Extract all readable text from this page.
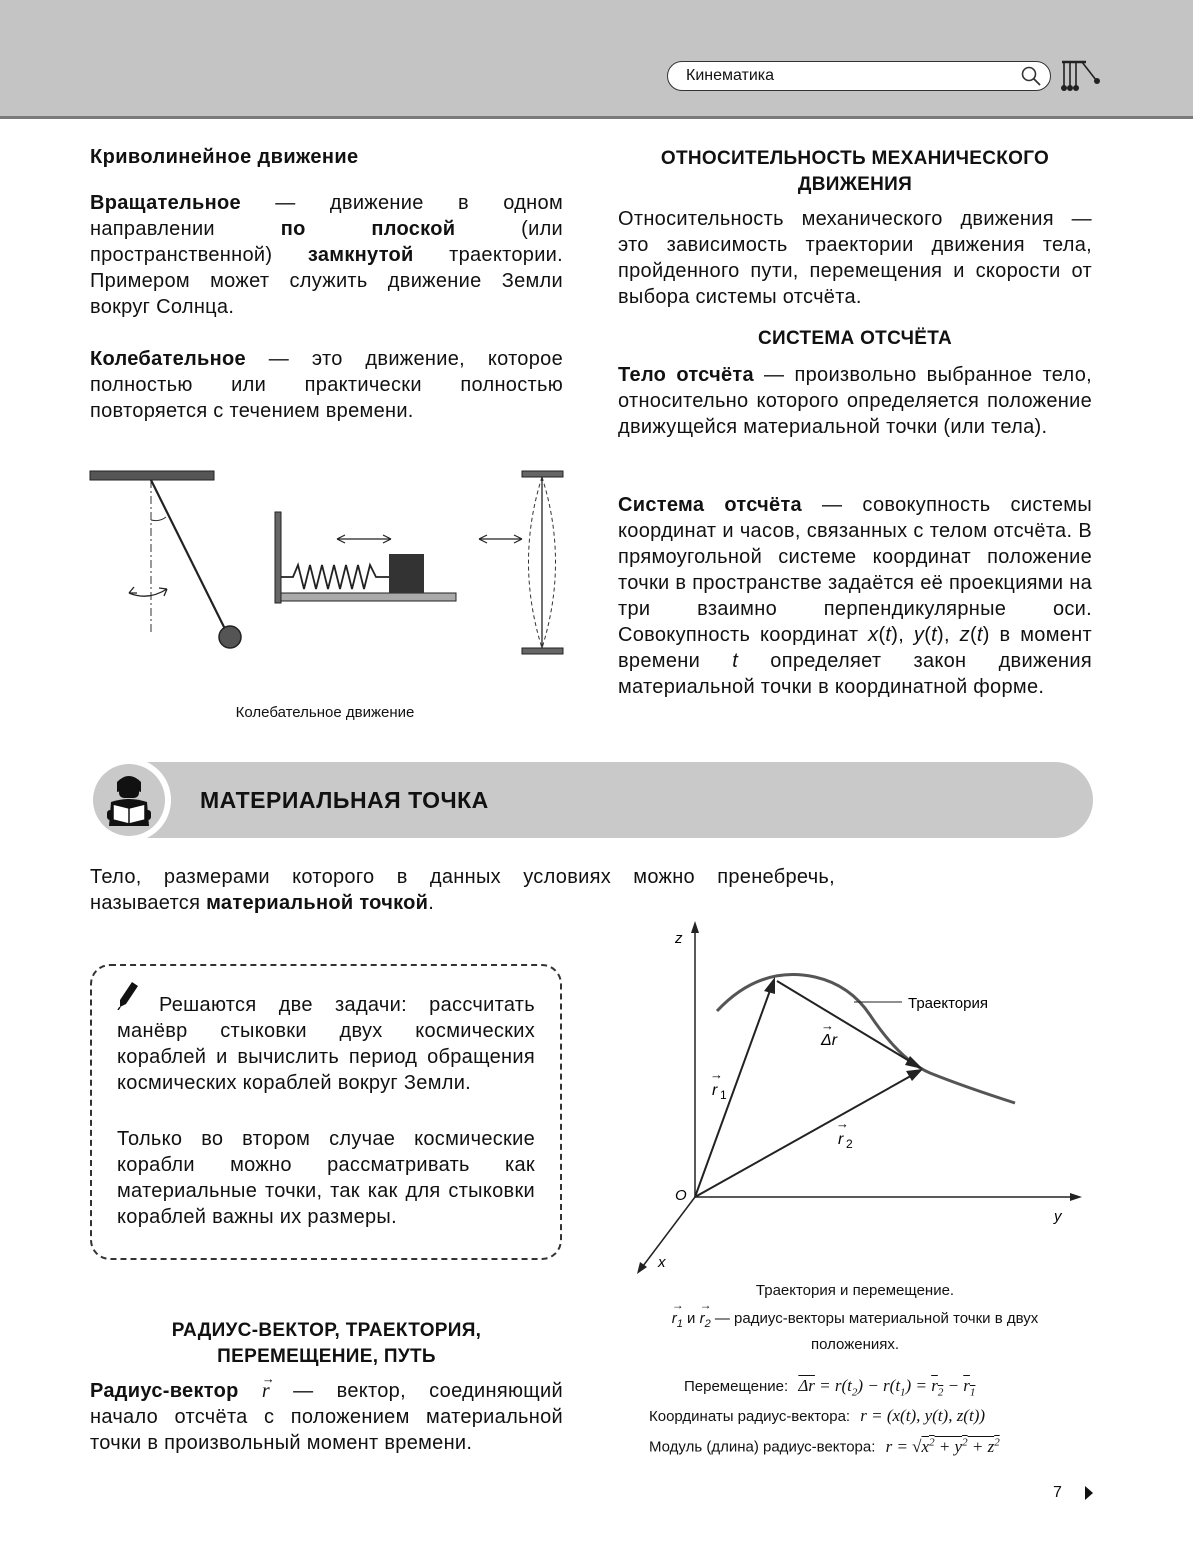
Кинематика
Криволинейное движение
Вращательное — движение в одном направлении по плоской (или пространственной) замкнутой траектории. Примером может служить движение Земли вокруг Солнца.
Колебательное — это движение, которое полностью или практически полностью повторяется с течением времени.
Колебательное движение
ОТНОСИТЕЛЬНОСТЬ МЕХАНИЧЕСКОГО
ДВИЖЕНИЯ
Относительность механического движения — это зависимость траектории движения тела, пройденного пути, перемещения и скорости от выбора системы отсчёта.
СИСТЕМА ОТСЧЁТА
Тело отсчёта — произвольно выбранное тело, относительно которого определяется положение движущейся материальной точки (или тела).
Система отсчёта — совокупность системы координат и часов, связанных с телом отсчёта. В прямоугольной системе координат положение точки в пространстве задаётся её проекциями на три взаимно перпендикулярные оси. Совокупность координат x(t), y(t), z(t) в момент времени t определяет закон движения материальной точки в координатной форме.
МАТЕРИАЛЬНАЯ ТОЧКА
Тело, размерами которого в данных условиях можно пренебречь, называется материальной точкой.
Решаются две задачи: рассчитать манёвр стыковки двух космических кораблей и вычислить период обращения космических кораблей вокруг Земли.
Только во втором случае космические корабли можно рассматривать как материальные точки, так как для стыковки кораблей важны их размеры.
РАДИУС-ВЕКТОР, ТРАЕКТОРИЯ,
ПЕРЕМЕЩЕНИЕ, ПУТЬ
Радиус-вектор
→
r — вектор, соединяющий начало отсчёта с положением материальной точки в произвольный момент времени.
z
y
x
O
Траектория
Δr
→
r 1
→
r 2
→
Траектория и перемещение.
→
$r_1$ и
→
$r_2$ — радиус-векторы материальной точки в двух
положениях.
Перемещение: $\overline{\Delta r} = r(t_2) - r(t_1) = r_2 - r_1$
Координаты радиус-вектора: r = (x(t), y(t), z(t))
Модуль (длина) радиус-вектора: $r = √x^2 + y^2 + z^2$
7
